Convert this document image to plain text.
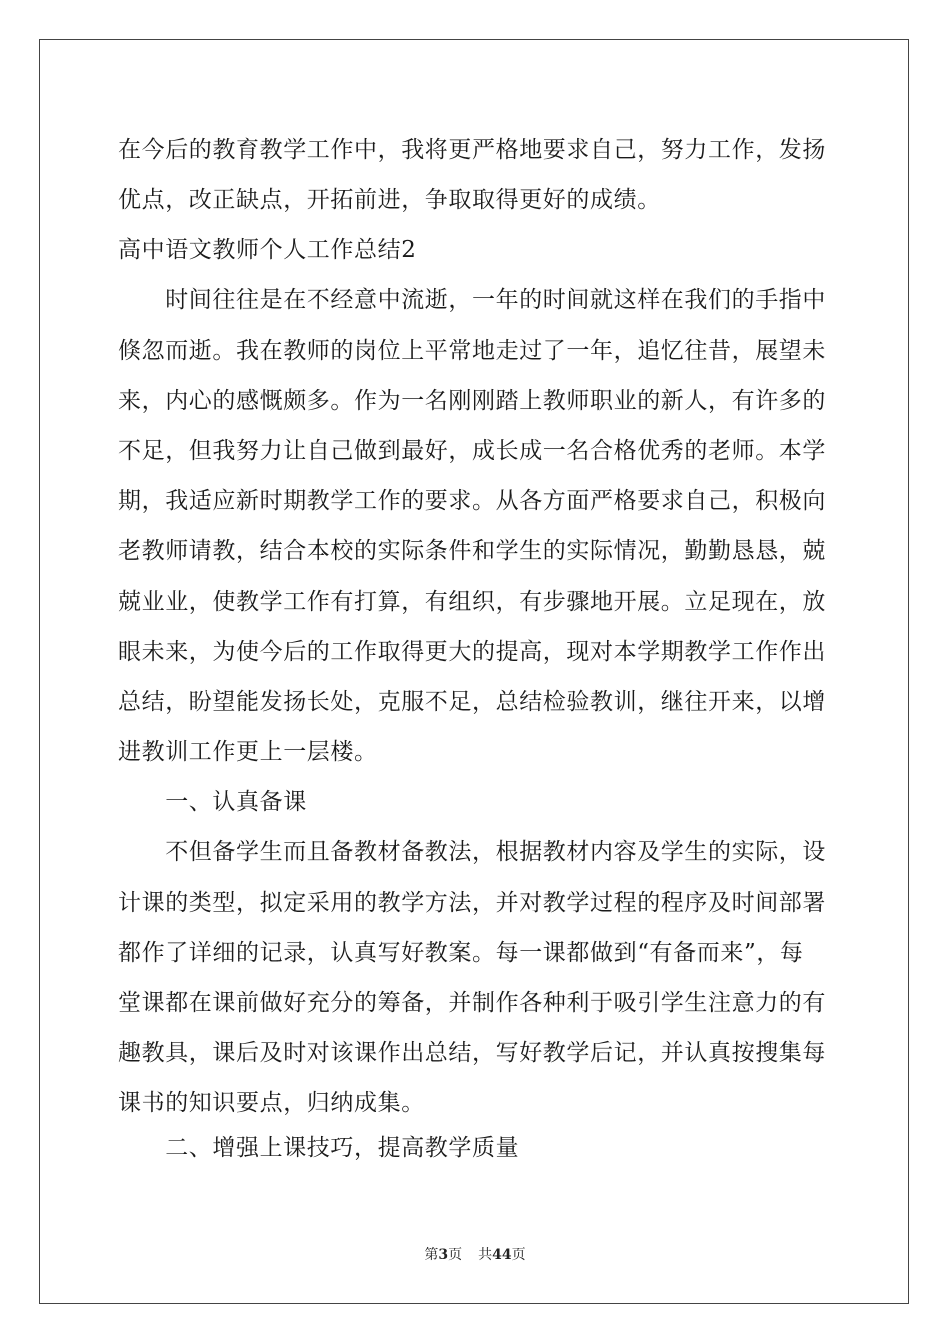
在今后的教育教学工作中，我将更严格地要求自己，努力工作，发扬
优点，改正缺点，开拓前进，争取取得更好的成绩。
高中语文教师个人工作总结2
　　时间往往是在不经意中流逝，一年的时间就这样在我们的手指中
倏忽而逝。我在教师的岗位上平常地走过了一年，追忆往昔，展望未
来，内心的感慨颇多。作为一名刚刚踏上教师职业的新人，有许多的
不足，但我努力让自己做到最好，成长成一名合格优秀的老师。本学
期，我适应新时期教学工作的要求。从各方面严格要求自己，积极向
老教师请教，结合本校的实际条件和学生的实际情况，勤勤恳恳，兢
兢业业，使教学工作有打算，有组织，有步骤地开展。立足现在，放
眼未来，为使今后的工作取得更大的提高，现对本学期教学工作作出
总结，盼望能发扬长处，克服不足，总结检验教训，继往开来，以增
进教训工作更上一层楼。
　　一、认真备课
　　不但备学生而且备教材备教法，根据教材内容及学生的实际，设
计课的类型，拟定采用的教学方法，并对教学过程的程序及时间部署
都作了详细的记录，认真写好教案。每一课都做到“有备而来”，每
堂课都在课前做好充分的筹备，并制作各种利于吸引学生注意力的有
趣教具，课后及时对该课作出总结，写好教学后记，并认真按搜集每
课书的知识要点，归纳成集。
　　二、增强上课技巧，提高教学质量
第3页 共44页
